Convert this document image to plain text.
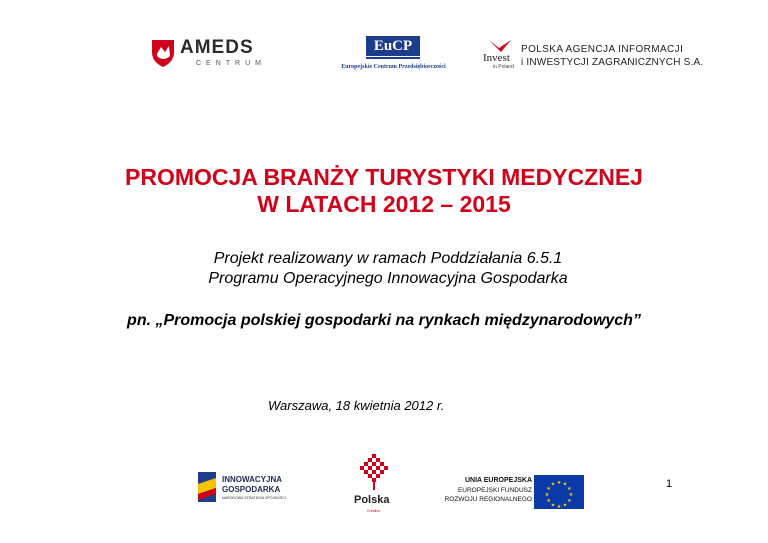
AMEDS
CENTRUM
EuCP
Europejskie Centrum Przedsiębiorczości
Invest
in Poland
POLSKA AGENCJA INFORMACJI
i INWESTYCJI ZAGRANICZNYCH S.A.
PROMOCJA BRANŻY TURYSTYKI MEDYCZNEJ
W LATACH 2012 – 2015
Projekt realizowany w ramach Poddziałania 6.5.1
Programu Operacyjnego Innowacyjna Gospodarka
pn. „Promocja polskiej gospodarki na rynkach międzynarodowych”
Warszawa, 18 kwietnia 2012 r.
INNOWACYJNA
GOSPODARKA
NARODOWA STRATEGIA SPÓJNOŚCI	Polska
Creative
UNIA EUROPEJSKA
EUROPEJSKI FUNDUSZ
ROZWOJU REGIONALNEGO
★ ★
★
★
★
★
★
★
★
★
★
★	1
